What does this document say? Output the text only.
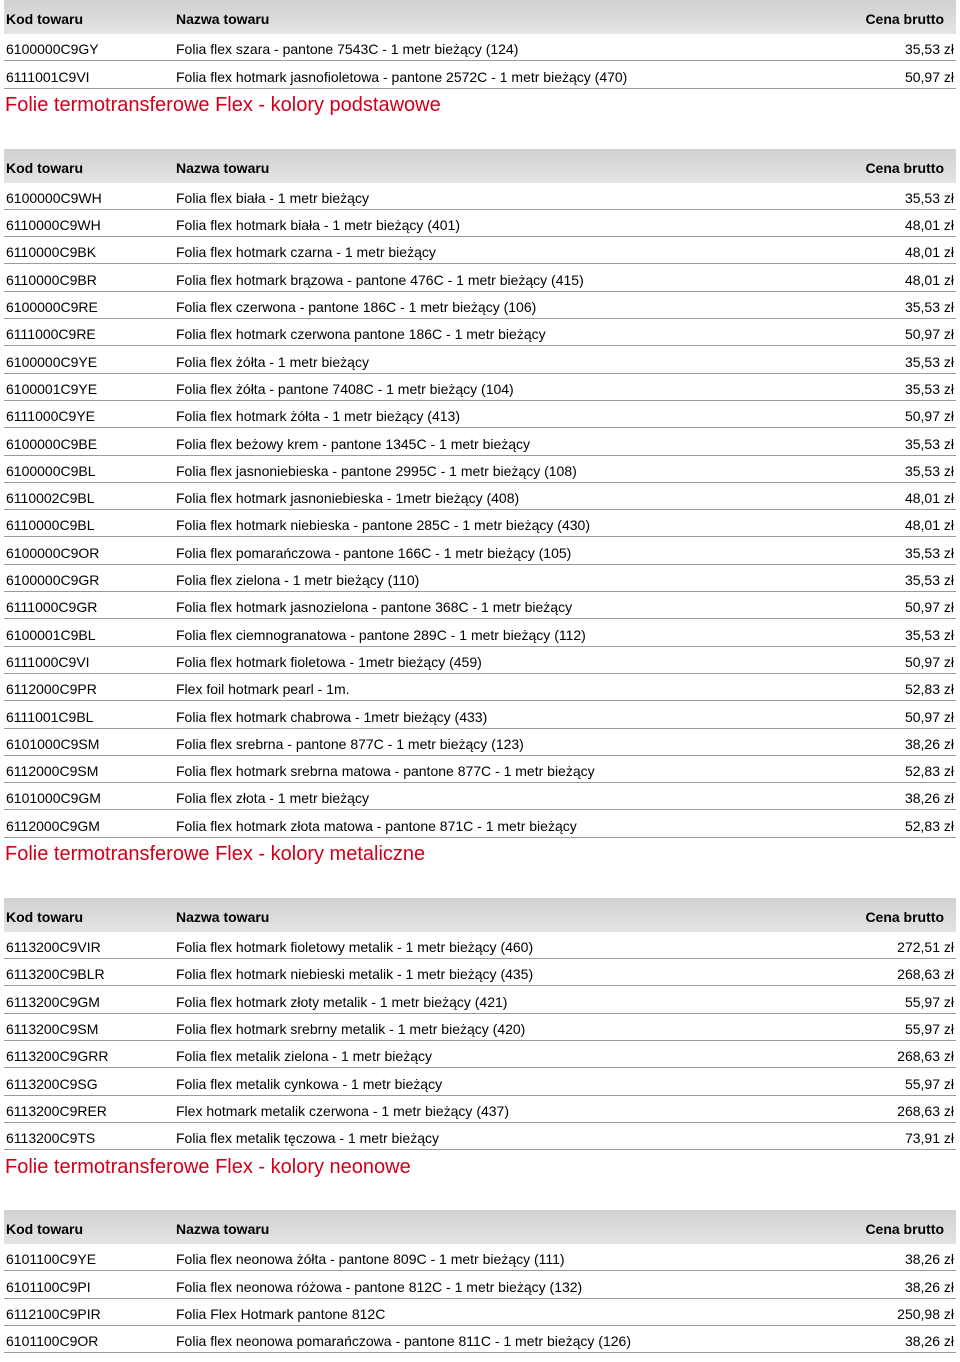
Kod towaru	Nazwa towaru	Cena brutto
6100000C9GY	Folia flex szara - pantone 7543C - 1 metr bieżący (124)	35,53 zł
6111001C9VI	Folia flex hotmark jasnofioletowa - pantone 2572C - 1 metr bieżący (470)	50,97 zł
Folie termotransferowe Flex - kolory podstawowe
Kod towaru	Nazwa towaru	Cena brutto
6100000C9WH	Folia flex biała - 1 metr bieżący	35,53 zł
6110000C9WH	Folia flex hotmark biała - 1 metr bieżący (401)	48,01 zł
6110000C9BK	Folia flex hotmark czarna - 1 metr bieżący	48,01 zł
6110000C9BR	Folia flex hotmark brązowa - pantone 476C - 1 metr bieżący (415)	48,01 zł
6100000C9RE	Folia flex czerwona - pantone 186C - 1 metr bieżący (106)	35,53 zł
6111000C9RE	Folia flex hotmark czerwona pantone 186C - 1 metr bieżący	50,97 zł
6100000C9YE	Folia flex żółta - 1 metr bieżący	35,53 zł
6100001C9YE	Folia flex żółta - pantone 7408C - 1 metr bieżący (104)	35,53 zł
6111000C9YE	Folia flex hotmark żółta - 1 metr bieżący (413)	50,97 zł
6100000C9BE	Folia flex beżowy krem - pantone 1345C - 1 metr bieżący	35,53 zł
6100000C9BL	Folia flex jasnoniebieska - pantone 2995C - 1 metr bieżący (108)	35,53 zł
6110002C9BL	Folia flex hotmark jasnoniebieska - 1metr bieżący (408)	48,01 zł
6110000C9BL	Folia flex hotmark niebieska - pantone 285C - 1 metr bieżący (430)	48,01 zł
6100000C9OR	Folia flex pomarańczowa - pantone 166C - 1 metr bieżący (105)	35,53 zł
6100000C9GR	Folia flex zielona - 1 metr bieżący (110)	35,53 zł
6111000C9GR	Folia flex hotmark jasnozielona - pantone 368C - 1 metr bieżący	50,97 zł
6100001C9BL	Folia flex ciemnogranatowa - pantone 289C - 1 metr bieżący (112)	35,53 zł
6111000C9VI	Folia flex hotmark fioletowa - 1metr bieżący (459)	50,97 zł
6112000C9PR	Flex foil hotmark pearl - 1m.	52,83 zł
6111001C9BL	Folia flex hotmark chabrowa - 1metr bieżący (433)	50,97 zł
6101000C9SM	Folia flex srebrna - pantone 877C - 1 metr bieżący (123)	38,26 zł
6112000C9SM	Folia flex hotmark srebrna matowa - pantone 877C - 1 metr bieżący	52,83 zł
6101000C9GM	Folia flex złota - 1 metr bieżący	38,26 zł
6112000C9GM	Folia flex hotmark złota matowa - pantone 871C - 1 metr bieżący	52,83 zł
Folie termotransferowe Flex - kolory metaliczne
Kod towaru	Nazwa towaru	Cena brutto
6113200C9VIR	Folia flex hotmark fioletowy metalik - 1 metr bieżący (460)	272,51 zł
6113200C9BLR	Folia flex hotmark niebieski metalik - 1 metr bieżący (435)	268,63 zł
6113200C9GM	Folia flex hotmark złoty metalik - 1 metr bieżący (421)	55,97 zł
6113200C9SM	Folia flex hotmark srebrny metalik - 1 metr bieżący (420)	55,97 zł
6113200C9GRR	Folia flex metalik zielona - 1 metr bieżący	268,63 zł
6113200C9SG	Folia flex metalik cynkowa - 1 metr bieżący	55,97 zł
6113200C9RER	Flex hotmark metalik czerwona - 1 metr bieżący (437)	268,63 zł
6113200C9TS	Folia flex metalik tęczowa - 1 metr bieżący	73,91 zł
Folie termotransferowe Flex - kolory neonowe
Kod towaru	Nazwa towaru	Cena brutto
6101100C9YE	Folia flex neonowa żółta - pantone 809C - 1 metr bieżący (111)	38,26 zł
6101100C9PI	Folia flex neonowa różowa - pantone 812C - 1 metr bieżący (132)	38,26 zł
6112100C9PIR	Folia Flex Hotmark pantone 812C	250,98 zł
6101100C9OR	Folia flex neonowa pomarańczowa - pantone 811C - 1 metr bieżący (126)	38,26 zł
